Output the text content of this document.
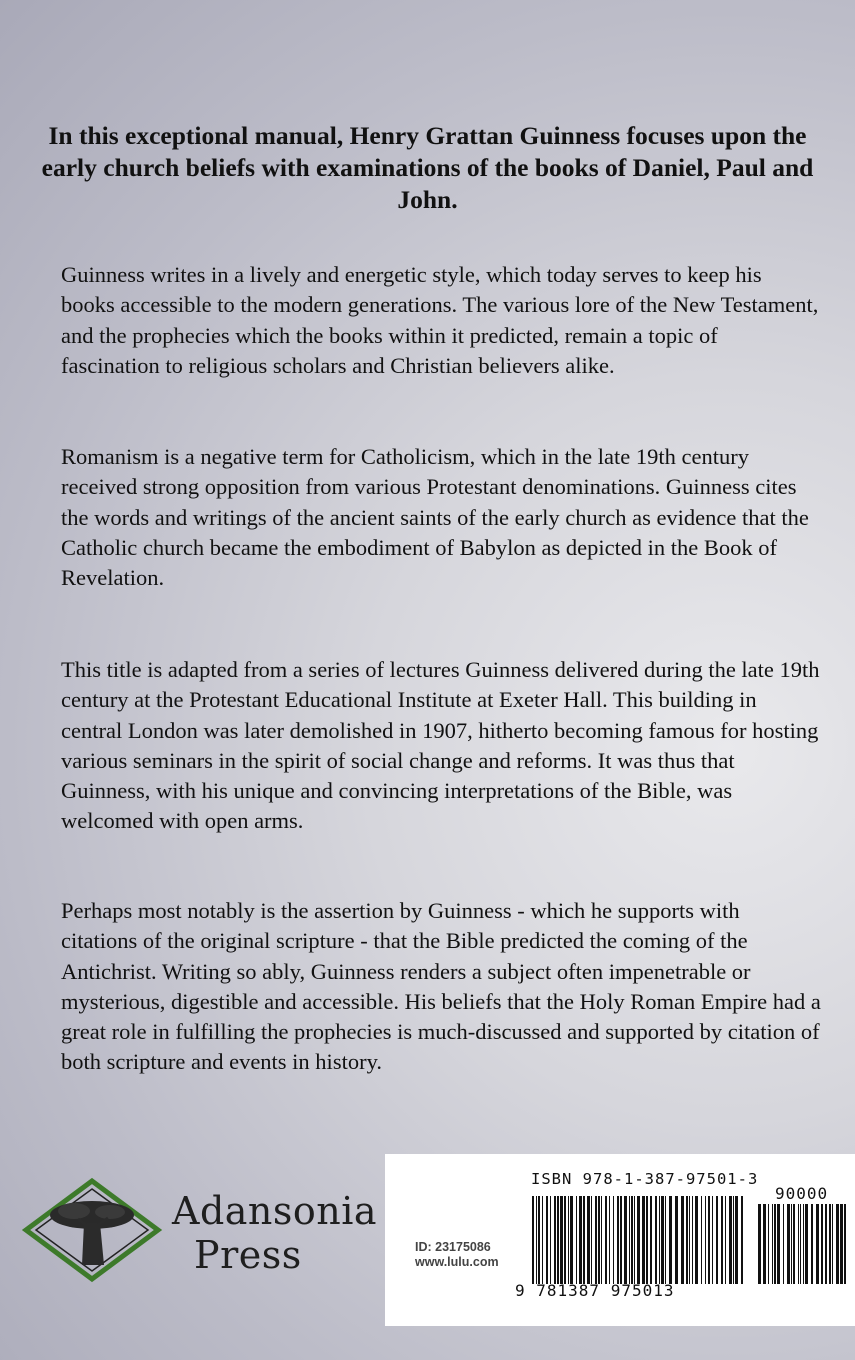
In this exceptional manual, Henry Grattan Guinness focuses upon the early church beliefs with examinations of the books of Daniel, Paul and John.

Guinness writes in a lively and energetic style, which today serves to keep his books accessible to the modern generations. The various lore of the New Testament, and the prophecies which the books within it predicted, remain a topic of fascination to religious scholars and Christian believers alike.

Romanism is a negative term for Catholicism, which in the late 19th century received strong opposition from various Protestant denominations. Guinness cites the words and writings of the ancient saints of the early church as evidence that the Catholic church became the embodiment of Babylon as depicted in the Book of Revelation.

This title is adapted from a series of lectures Guinness delivered during the late 19th century at the Protestant Educational Institute at Exeter Hall. This building in central London was later demolished in 1907, hitherto becoming famous for hosting various seminars in the spirit of social change and reforms. It was thus that Guinness, with his unique and convincing interpretations of the Bible, was welcomed with open arms.

Perhaps most notably is the assertion by Guinness - which he supports with citations of the original scripture - that the Bible predicted the coming of the Antichrist. Writing so ably, Guinness renders a subject often impenetrable or mysterious, digestible and accessible. His beliefs that the Holy Roman Empire had a great role in fulfilling the prophecies is much-discussed and supported by citation of both scripture and events in history.

Adansonia
Press	ID: 23175086
www.lulu.com
ISBN 978-1-387-97501-3
90000
9 781387 975013
